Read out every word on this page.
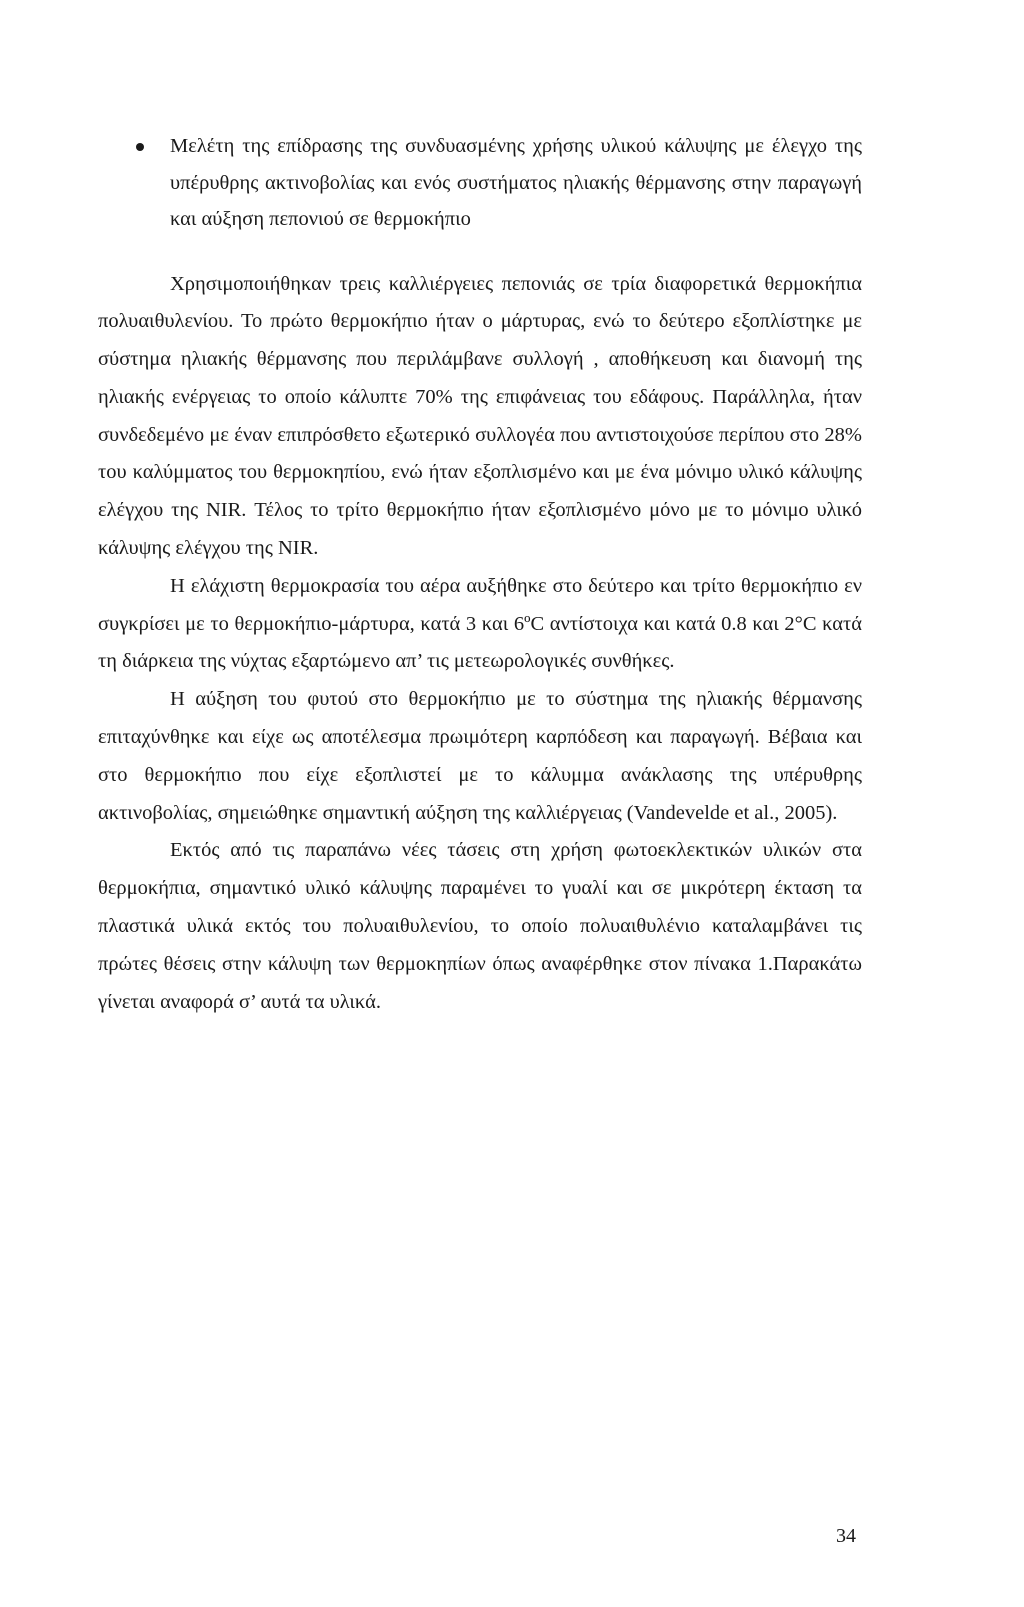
Μελέτη της επίδρασης της συνδυασμένης χρήσης υλικού κάλυψης με έλεγχο της υπέρυθρης ακτινοβολίας και ενός συστήματος ηλιακής θέρμανσης στην παραγωγή και αύξηση πεπονιού σε θερμοκήπιο

Χρησιμοποιήθηκαν τρεις καλλιέργειες πεπονιάς σε τρία διαφορετικά θερμοκήπια πολυαιθυλενίου. Το πρώτο θερμοκήπιο ήταν ο μάρτυρας, ενώ το δεύτερο εξοπλίστηκε με σύστημα ηλιακής θέρμανσης που περιλάμβανε συλλογή , αποθήκευση και διανομή της ηλιακής ενέργειας το οποίο κάλυπτε 70% της επιφάνειας του εδάφους. Παράλληλα, ήταν συνδεδεμένο με έναν επιπρόσθετο εξωτερικό συλλογέα που αντιστοιχούσε περίπου στο 28% του καλύμματος του θερμοκηπίου, ενώ ήταν εξοπλισμένο και με ένα μόνιμο υλικό κάλυψης ελέγχου της NIR. Τέλος το τρίτο θερμοκήπιο ήταν εξοπλισμένο μόνο με το μόνιμο υλικό κάλυψης ελέγχου της NIR.

Η ελάχιστη θερμοκρασία του αέρα αυξήθηκε στο δεύτερο και τρίτο θερμοκήπιο εν συγκρίσει με το θερμοκήπιο-μάρτυρα, κατά 3 και 6ºC αντίστοιχα και κατά 0.8 και 2°C κατά τη διάρκεια της νύχτας εξαρτώμενο απ’ τις μετεωρολογικές συνθήκες.

Η αύξηση του φυτού στο θερμοκήπιο με το σύστημα της ηλιακής θέρμανσης επιταχύνθηκε και είχε ως αποτέλεσμα πρωιμότερη καρπόδεση και παραγωγή. Βέβαια και στο θερμοκήπιο που είχε εξοπλιστεί με το κάλυμμα ανάκλασης της υπέρυθρης ακτινοβολίας, σημειώθηκε σημαντική αύξηση της καλλιέργειας (Vandevelde et al., 2005).

Εκτός από τις παραπάνω νέες τάσεις στη χρήση φωτοεκλεκτικών υλικών στα θερμοκήπια, σημαντικό υλικό κάλυψης παραμένει το γυαλί και σε μικρότερη έκταση τα πλαστικά υλικά εκτός του πολυαιθυλενίου, το οποίο πολυαιθυλένιο καταλαμβάνει τις πρώτες θέσεις στην κάλυψη των θερμοκηπίων όπως αναφέρθηκε στον πίνακα 1.Παρακάτω γίνεται αναφορά σ’ αυτά τα υλικά.

34
